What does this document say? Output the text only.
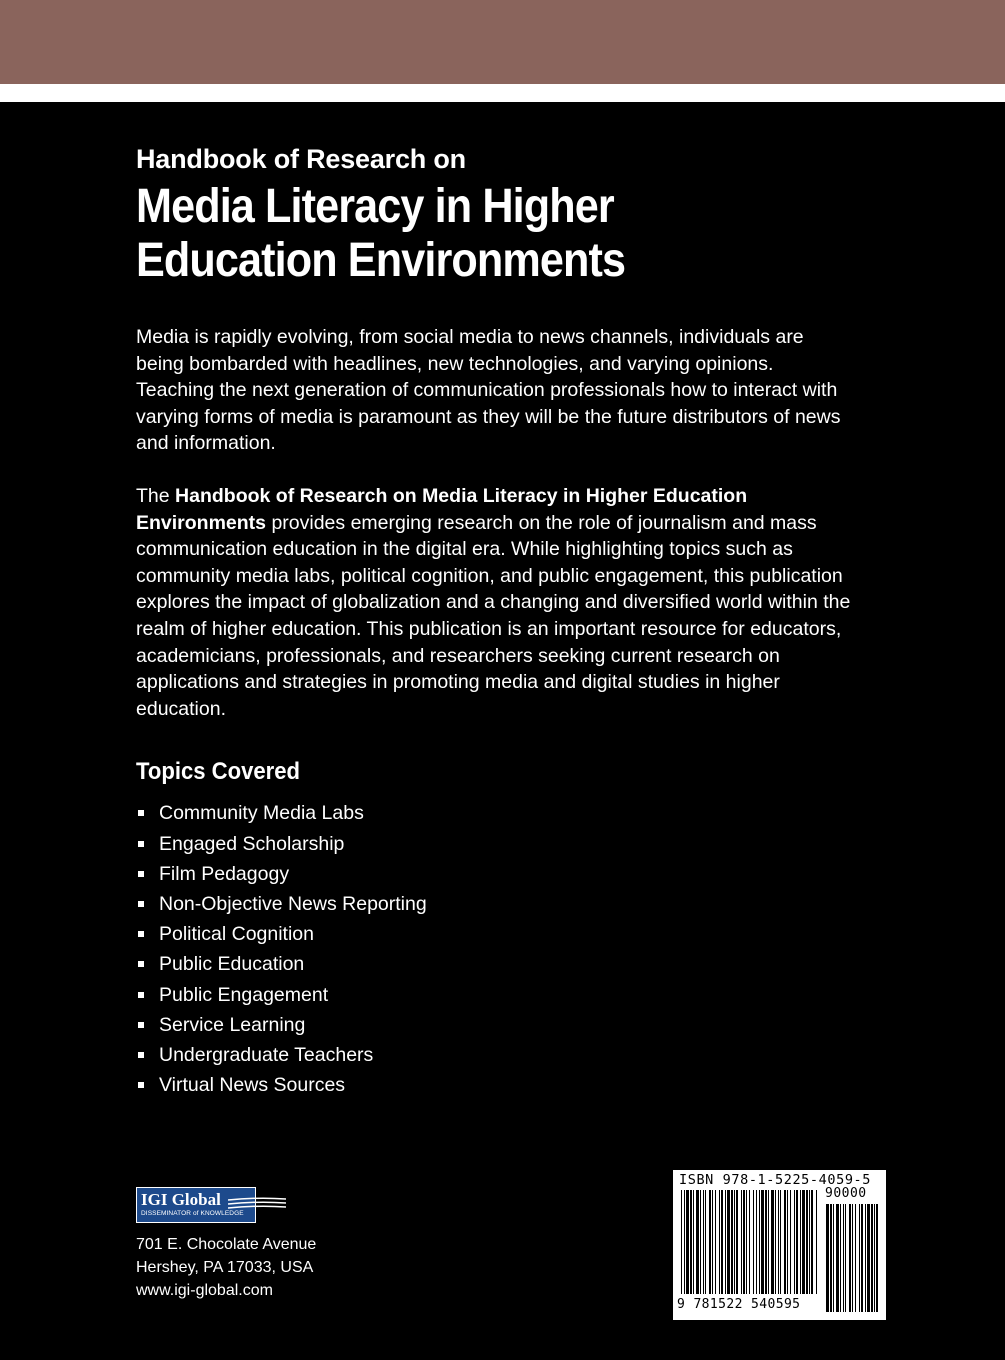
Handbook of Research on
Media Literacy in Higher
Education Environments

Media is rapidly evolving, from social media to news channels, individuals are being bombarded with headlines, new technologies, and varying opinions. Teaching the next generation of communication professionals how to interact with varying forms of media is paramount as they will be the future distributors of news and information.

The Handbook of Research on Media Literacy in Higher Education Environments provides emerging research on the role of journalism and mass communication education in the digital era. While highlighting topics such as community media labs, political cognition, and public engagement, this publication explores the impact of globalization and a changing and diversified world within the realm of higher education. This publication is an important resource for educators, academicians, professionals, and researchers seeking current research on applications and strategies in promoting media and digital studies in higher education.

Topics Covered
Community Media Labs
Engaged Scholarship
Film Pedagogy
Non-Objective News Reporting
Political Cognition
Public Education
Public Engagement
Service Learning
Undergraduate Teachers
Virtual News Sources
IGI Global
DISSEMINATOR of KNOWLEDGE
701 E. Chocolate Avenue
Hershey, PA 17033, USA
www.igi-global.com
ISBN 978-1-5225-4059-5
90000
9 781522 540595
